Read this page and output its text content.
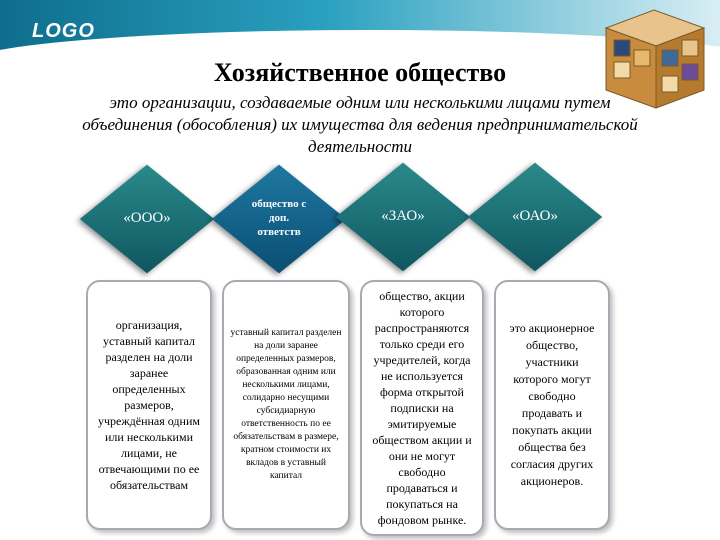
LOGO
Хозяйственное общество
это организации, создаваемые одним или несколькими лицами путем объединения (обособления) их имущества для ведения предпринимательской деятельности
«ООО»
общество с доп. ответств
«ЗАО»	«ОАО»

организация, уставный капитал разделен на доли заранее определенных размеров, учреждённая одним или несколькими лицами, не отвечающими по ее обязательствам

уставный капитал разделен на доли заранее определенных размеров, образованная одним или несколькими лицами, солидарно несущими субсидиарную ответственность по ее обязательствам в размере, кратном стоимости их вкладов в уставный капитал

общество, акции которого распространяются только среди его учредителей, когда не используется форма открытой подписки на эмитируемые обществом акции и они не могут свободно продаваться и покупаться на фондовом рынке.

это акционерное общество, участники которого могут свободно продавать и покупать акции общества без согласия других акционеров.
